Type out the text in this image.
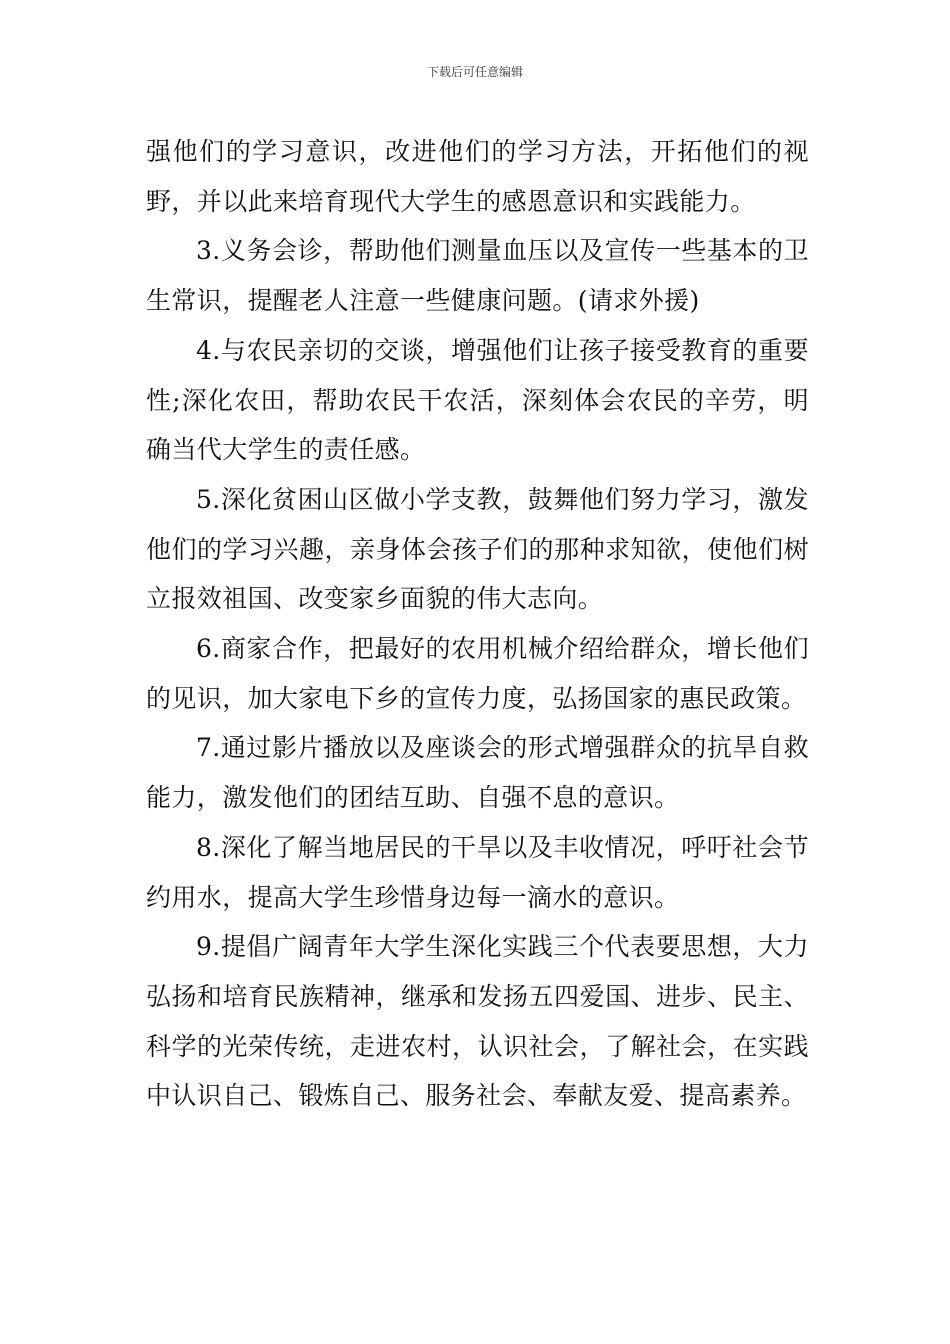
下载后可任意编辑

强他们的学习意识，改进他们的学习方法，开拓他们的视野，并以此来培育现代大学生的感恩意识和实践能力。

3.义务会诊，帮助他们测量血压以及宣传一些基本的卫生常识，提醒老人注意一些健康问题。(请求外援)

4.与农民亲切的交谈，增强他们让孩子接受教育的重要性;深化农田，帮助农民干农活，深刻体会农民的辛劳，明确当代大学生的责任感。

5.深化贫困山区做小学支教，鼓舞他们努力学习，激发他们的学习兴趣，亲身体会孩子们的那种求知欲，使他们树立报效祖国、改变家乡面貌的伟大志向。

6.商家合作，把最好的农用机械介绍给群众，增长他们的见识，加大家电下乡的宣传力度，弘扬国家的惠民政策。

7.通过影片播放以及座谈会的形式增强群众的抗旱自救能力，激发他们的团结互助、自强不息的意识。

8.深化了解当地居民的干旱以及丰收情况，呼吁社会节约用水，提高大学生珍惜身边每一滴水的意识。

9.提倡广阔青年大学生深化实践三个代表要思想，大力弘扬和培育民族精神，继承和发扬五四爱国、进步、民主、科学的光荣传统，走进农村，认识社会，了解社会，在实践中认识自己、锻炼自己、服务社会、奉献友爱、提高素养。
